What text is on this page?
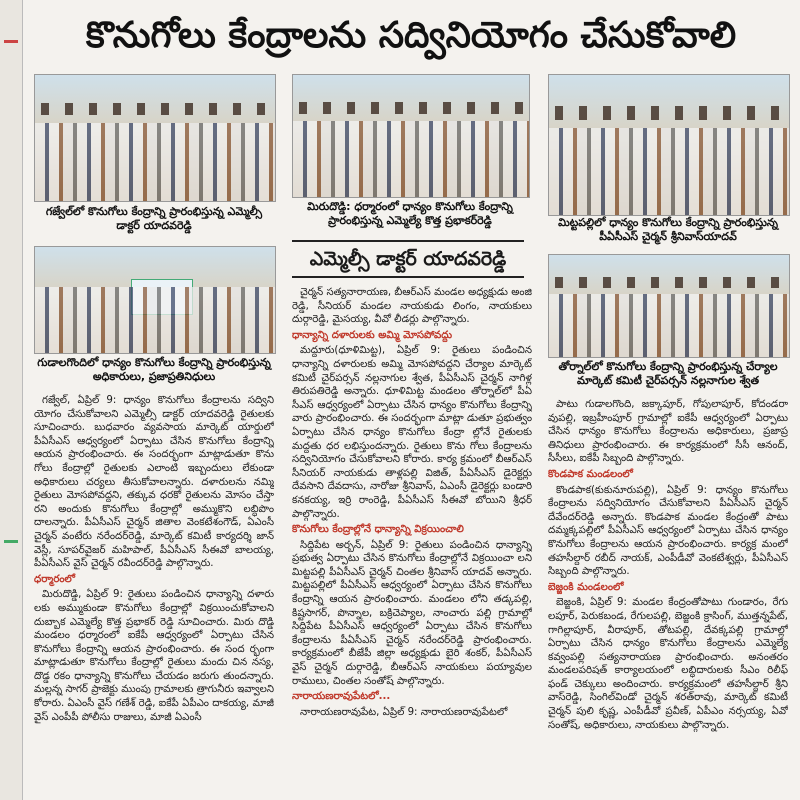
కొనుగోలు కేంద్రాలను సద్వినియోగం చేసుకోవాలి
గజ్వేల్‌లో కొనుగోలు కేంద్రాన్ని ప్రారంభిస్తున్న ఎమ్మెల్సీ డాక్టర్ యాదవరెడ్డి
మిరుదొడ్డి: ధర్మారంలో ధాన్యం కొనుగోలు కేంద్రాన్ని ప్రారంభిస్తున్న ఎమ్మెల్యే కొత్త ప్రభాకర్‌రెడ్డి	మిట్టపల్లిలో ధాన్యం కొనుగోలు కేంద్రాన్ని ప్రారంభిస్తున్న పీఏసీఎస్ చైర్మన్ శ్రీనివాస్‌యాదవ్
గుడాలగొందిలో ధాన్యం కొనుగోలు కేంద్రాన్ని ప్రారంభిస్తున్న అధికారులు, ప్రజాప్రతినిధులు
తోర్నాల్‌లో కొనుగోలు కేంద్రాన్ని ప్రారంభిస్తున్న చేర్యాల మార్కెట్ కమిటీ చైర్‌పర్సన్ నల్లనాగుల శ్వేత
ఎమ్మెల్సీ డాక్టర్ యాదవరెడ్డి

గజ్వేల్, ఏప్రిల్ 9: ధాన్యం కొనుగోలు కేంద్రాలను సద్విని యోగం చేసుకోవాలని ఎమ్మెల్సీ డాక్టర్ యాదవరెడ్డి రైతులకు సూచించారు. బుధవారం వ్యవసాయ మార్కెట్ యార్డులో పీఏసీఎస్ ఆధ్వర్యంలో ఏర్పాటు చేసిన కొనుగోలు కేంద్రాన్ని ఆయన ప్రారంభించారు. ఈ సందర్భంగా మాట్లాడుతూ కొను గోలు కేంద్రాల్లో రైతులకు ఎలాంటి ఇబ్బందులు లేకుండా అధికారులు చర్యలు తీసుకోవాలన్నారు. దళారులను నమ్మి రైతులు మోసపోవద్దని, తక్కువ ధరకో రైతులను మోసం చేస్తా రని అందుకు కొనుగోలు కేంద్రాల్లో అమ్ముకొని లబ్ధిపొం దాలన్నారు. పీఏసీఎస్ చైర్మన్ జితాల వెంకటేశంగౌడ్, ఏఎంసీ చైర్మన్ వంటేరు నరేందర్‌రెడ్డి, మార్కెట్ కమిటీ కార్యదర్శి జాన్ వెస్లీ, సూపర్‌వైజర్ మహిపాల్, పీఏసీఎస్ సీఈవో బాలయ్య, పీఏసీఎస్ వైస్ చైర్మన్ రవీందర్‌రెడ్డి పాల్గొన్నారు.

ధర్మారంలో

మిరుదొడ్డి, ఏప్రిల్ 9: రైతులు పండించిన ధాన్యాన్ని దళారు లకు అమ్ముకుండా కొనుగోలు కేంద్రాల్లో విక్రయించుకోవాలని దుబ్బాక ఎమ్మెల్యే కొత్త ప్రభాకర్ రెడ్డి సూచించారు. మిరు దొడ్డి మండలం ధర్మారంలో ఐకేపీ ఆధ్వర్యంలో ఏర్పాటు చేసిన కొనుగోలు కేంద్రాన్ని ఆయన ప్రారంభించారు. ఈ సంద ర్భంగా మాట్లాడుతూ కొనుగోలు కేంద్రాల్లో రైతులు మందు చిన నస్య, దొడ్డ రకం ధాన్యాన్ని కొనుగోలు చేయడం జరుగు తుందన్నారు. మల్లన్న సాగర్ ప్రాజెక్టు ముంపు గ్రామాలకు త్రాగునీరు ఇవ్వాలని కోరారు. ఏఎంసీ వైస్ గణేశ్ రెడ్డి, ఐకేపీ ఏపీఎం దాకయ్య, మాజీ వైస్ ఎంపీపీ పోలీసు రాజులు, మాజీ ఏఎంసీ

చైర్మన్ సత్యనారాయణ, బీఆర్ఎస్ మండల అధ్యక్షుడు అంజి రెడ్డి, సీనియర్ మండల నాయకుడు లింగం, నాయకులు దుర్గారెడ్డి, మైసయ్య, వీవో లీడర్లు పాల్గొన్నారు.

ధాన్యాన్ని దళారులకు అమ్మి మోసపోవద్దు

మద్దూరు(ధూళిమిట్ట), ఏప్రిల్ 9: రైతులు పండించిన ధాన్యాన్ని దళారులకు అమ్మి మోసపోవద్దని చేర్యాల మార్కెట్ కమిటీ చైర్‌పర్సన్ నల్లనాగుల శ్వేత, పీఏసీఎస్ చైర్మన్ నాగిళ్ల తిరుపతిరెడ్డి అన్నారు. ధూళిమిట్ట మండలం తోర్నాల్‌లో పీఏ సీఎస్ ఆధ్వర్యంలో ఏర్పాటు చేసిన ధాన్యం కొనుగోలు కేంద్రాన్ని వారు ప్రారంభించారు. ఈ సందర్భంగా మాట్లా డుతూ ప్రభుత్వం ఏర్పాటు చేసిన ధాన్యం కొనుగోలు కేంద్రా ల్లోనే రైతులకు మద్దతు ధర లభిస్తుందన్నారు. రైతులు కొను గోలు కేంద్రాలను సద్వినియోగం చేసుకోవాలని కోరారు. కార్య క్రమంలో బీఆర్ఎస్ సీనియర్ నాయకుడు తాళ్లపల్లి విజిత్, పీఏసీఎస్ డైరెక్టర్లు దేవసాని దేవదాసు, నారోజు శ్రీనివాస్, ఏఎంసీ డైరెక్టర్లు బండారి కనకయ్య, ఇర్రి రాంరెడ్డి, పీఏసీఎస్ సీఈవో బోయిని శ్రీధర్ పాల్గొన్నారు.

కొనుగోలు కేంద్రాల్లోనే ధాన్యాన్ని విక్రయించాలి

సిద్దిపేట అర్బన్, ఏప్రిల్ 9: రైతులు పండించిన ధాన్యాన్ని ప్రభుత్వ ఏర్పాటు చేసిన కొనుగోలు కేంద్రాల్లోనే విక్రయించా లని మిట్టపల్లి పీఏసీఎస్ చైర్మన్ చింతల శ్రీనివాస్ యాదవ్ అన్నారు. మిట్టపల్లిలో పీఏసీఎస్ ఆధ్వర్యంలో ఏర్పాటు చేసిన కొనుగోలు కేంద్రాన్ని ఆయన ప్రారంభించారు. మండలం లోని తడ్కపల్లి, కిష్టసాగర్, పొన్నాల, బక్రిచెప్యాల, నాంచారు పల్లి గ్రామాల్లో సిద్దిపేట పీఏసీఎస్ ఆధ్వర్యంలో ఏర్పాటు చేసిన కొనుగోలు కేంద్రాలను పీఏసీఎస్ చైర్మన్ నరేందర్‌రెడ్డి ప్రారంభించారు. కార్యక్రమంలో బీజేపీ జిల్లా అధ్యక్షుడు బైరి శంకర్, పీఏసీఎస్ వైస్ చైర్మన్ దుర్గారెడ్డి, బీఆర్ఎస్ నాయకులు పయ్యావుల రాములు, చింతల సంతోష్ పాల్గొన్నారు.

నారాయణరావుపేటలో...

నారాయణరావుపేట, ఏప్రిల్ 9: నారాయణరావుపేటలో

పాటు గుడాలగొంది, జక్కాపూర్, గోపులాపూర్, కోదండరా వుపల్లి, ఇబ్రహీంపూర్ గ్రామాల్లో ఐకేపీ ఆధ్వర్యంలో ఏర్పాటు చేసిన ధాన్యం కొనుగోలు కేంద్రాలను అధికారులు, ప్రజాప్ర తినిధులు ప్రారంభించారు. ఈ కార్యక్రమంలో సీసీ ఆనంద్, సీసీలు, ఐకేపీ సిబ్బంది పాల్గొన్నారు.

కొండపాక మండలంలో

కొండపాక(కుకునూరుపల్లి), ఏప్రిల్ 9: ధాన్యం కొనుగోలు కేంద్రాలను సద్వినియోగం చేసుకోవాలని పీఏసీఎస్ చైర్మన్ దేవేందర్‌రెడ్డి అన్నారు. కొండపాక మండల కేంద్రంతో పాటు దమ్మక్కపల్లిలో పీఏసీఎస్ ఆధ్వర్యంలో ఏర్పాటు చేసిన ధాన్యం కొనుగోలు కేంద్రాలను ఆయన ప్రారంభించారు. కార్యక్ర మంలో తహసీల్దార్ రబీద్ నాయక్, ఎంపీడీవో వెంకటేశ్వర్లు, పీఏసీఎస్ సిబ్బంది పాల్గొన్నారు.

బెజ్జంకి మండలంలో

బెజ్జంకి, ఏప్రిల్ 9: మండల కేంద్రంతోపాటు గుండారం, రేగు లపూర్, పెరుకబండ, రేగులపల్లి, బెజ్జంకి క్రాసింగ్, ముత్తన్నపేట్, గాగిల్లాపూర్, వీరాపూర్, తోటపల్లి, దేవక్కపల్లి గ్రామాల్లో ఏర్పాటు చేసిన ధాన్యం కొనుగోలు కేంద్రాలను ఎమ్మెల్యే కవ్వంపల్లి సత్యనారాయణ ప్రారంభించారు. అనంతరం మండలపరిషత్ కార్యాలయంలో లబ్ధిదారులకు సీఎం రిలీఫ్ ఫండ్ చెక్కులు అందించారు. కార్యక్రమంలో తహసీల్దార్ శ్రీని వాస్‌రెడ్డి, సింగిల్‌విండో చైర్మన్ శరత్‌రావు, మార్కెట్ కమిటీ చైర్మన్ పులి కృష్ణ, ఎంపీడీవో ప్రవీణ్, ఏపీఎం నర్సయ్య, ఏవో సంతోష్, అధికారులు, నాయకులు పాల్గొన్నారు.
